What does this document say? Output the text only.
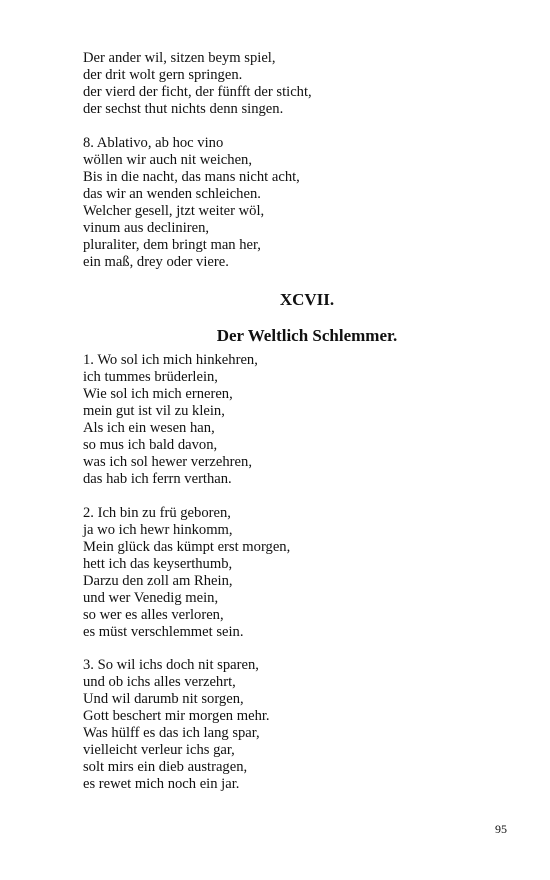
Der ander wil, sitzen beym spiel,
der drit wolt gern springen.
der vierd der ficht, der fünfft der sticht,
der sechst thut nichts denn singen.
8. Ablativo, ab hoc vino
wöllen wir auch nit weichen,
Bis in die nacht, das mans nicht acht,
das wir an wenden schleichen.
Welcher gesell, jtzt weiter wöl,
vinum aus decliniren,
pluraliter, dem bringt man her,
ein maß, drey oder viere.
XCVII.
Der Weltlich Schlemmer.
1. Wo sol ich mich hinkehren,
ich tummes brüderlein,
Wie sol ich mich erneren,
mein gut ist vil zu klein,
Als ich ein wesen han,
so mus ich bald davon,
was ich sol hewer verzehren,
das hab ich ferrn verthan.
2. Ich bin zu frü geboren,
ja wo ich hewr hinkomm,
Mein glück das kümpt erst morgen,
hett ich das keyserthumb,
Darzu den zoll am Rhein,
und wer Venedig mein,
so wer es alles verloren,
es müst verschlemmet sein.
3. So wil ichs doch nit sparen,
und ob ichs alles verzehrt,
Und wil darumb nit sorgen,
Gott beschert mir morgen mehr.
Was hülff es das ich lang spar,
vielleicht verleur ichs gar,
solt mirs ein dieb austragen,
es rewet mich noch ein jar.
95
